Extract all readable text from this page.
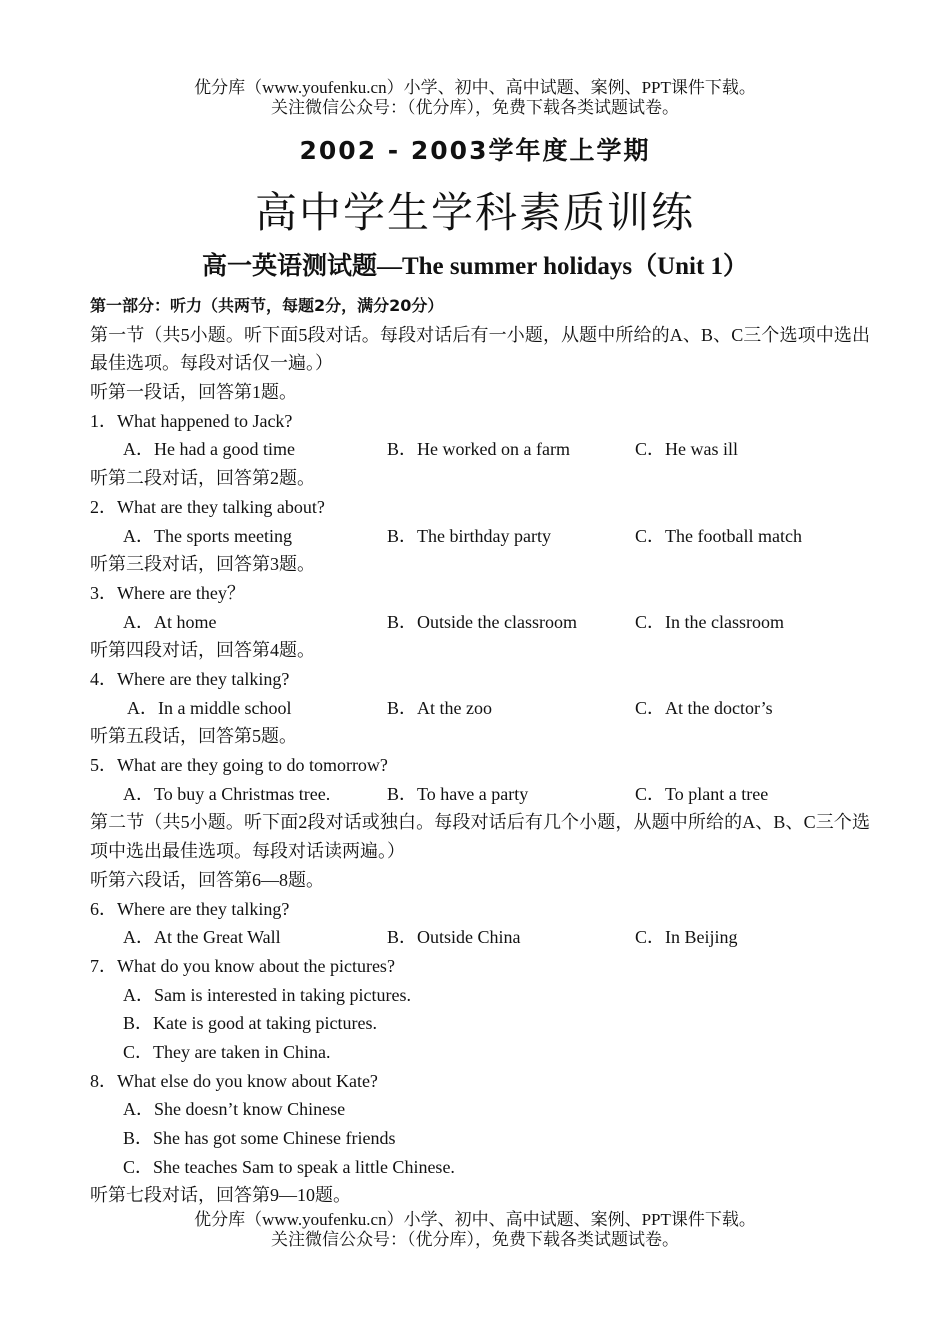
优分库（www.youfenku.cn）小学、初中、高中试题、案例、PPT课件下载。
关注微信公众号：（优分库），免费下载各类试题试卷。
2002 - 2003学年度上学期
高中学生学科素质训练
高一英语测试题—The summer holidays（Unit 1）
第一部分：听力（共两节，每题2分，满分20分）
第一节（共5小题。听下面5段对话。每段对话后有一小题，从题中所给的A、B、C三个选项中选出最佳选项。每段对话仅一遍。）
听第一段话，回答第1题。
1．What happened to Jack?
A．He had a good time	B．He worked on a farm	C．He was ill
听第二段对话，回答第2题。
2．What are they talking about?
A．The sports meeting	B．The birthday party	C．The football match
听第三段对话，回答第3题。
3．Where are they？
A．At home	B．Outside the classroom	C．In the classroom
听第四段对话，回答第4题。
4．Where are they talking?
A．In a middle school	B．At the zoo	C．At the doctor’s
听第五段话，回答第5题。
5．What are they going to do tomorrow?
A．To buy a Christmas tree.	B．To have a party	C．To plant a tree
第二节（共5小题。听下面2段对话或独白。每段对话后有几个小题，从题中所给的A、B、C三个选项中选出最佳选项。每段对话读两遍。）
听第六段话，回答第6—8题。
6．Where are they talking?
A．At the Great Wall	B．Outside China	C．In Beijing
7．What do you know about the pictures?
A．Sam is interested in taking pictures.
B．Kate is good at taking pictures.
C．They are taken in China.
8．What else do you know about Kate?
A．She doesn’t know Chinese
B．She has got some Chinese friends
C．She teaches Sam to speak a little Chinese.
听第七段对话，回答第9—10题。
优分库（www.youfenku.cn）小学、初中、高中试题、案例、PPT课件下载。
关注微信公众号：（优分库），免费下载各类试题试卷。
